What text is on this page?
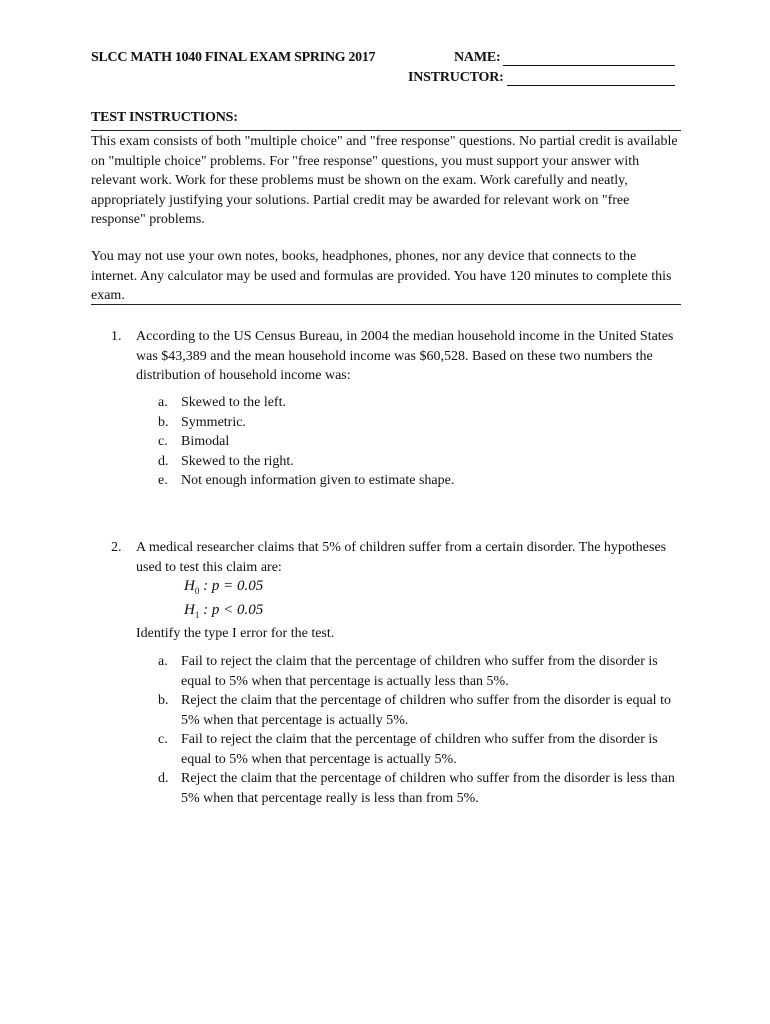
SLCC MATH 1040 FINAL EXAM SPRING 2017	NAME:
INSTRUCTOR:
TEST INSTRUCTIONS:
This exam consists of both "multiple choice" and "free response" questions. No partial credit is available on "multiple choice" problems. For "free response" questions, you must support your answer with relevant work. Work for these problems must be shown on the exam. Work carefully and neatly, appropriately justifying your solutions. Partial credit may be awarded for relevant work on "free response" problems.
You may not use your own notes, books, headphones, phones, nor any device that connects to the internet. Any calculator may be used and formulas are provided. You have 120 minutes to complete this exam.
1. According to the US Census Bureau, in 2004 the median household income in the United States was $43,389 and the mean household income was $60,528. Based on these two numbers the distribution of household income was:
a. Skewed to the left.
b. Symmetric.
c. Bimodal
d. Skewed to the right.
e. Not enough information given to estimate shape.
2. A medical researcher claims that 5% of children suffer from a certain disorder. The hypotheses used to test this claim are:
$H_0$ : p = 0.05
$H_1$ : p < 0.05
Identify the type I error for the test.
a. Fail to reject the claim that the percentage of children who suffer from the disorder is equal to 5% when that percentage is actually less than 5%.
b. Reject the claim that the percentage of children who suffer from the disorder is equal to 5% when that percentage is actually 5%.
c. Fail to reject the claim that the percentage of children who suffer from the disorder is equal to 5% when that percentage is actually 5%.
d. Reject the claim that the percentage of children who suffer from the disorder is less than 5% when that percentage really is less than from 5%.
